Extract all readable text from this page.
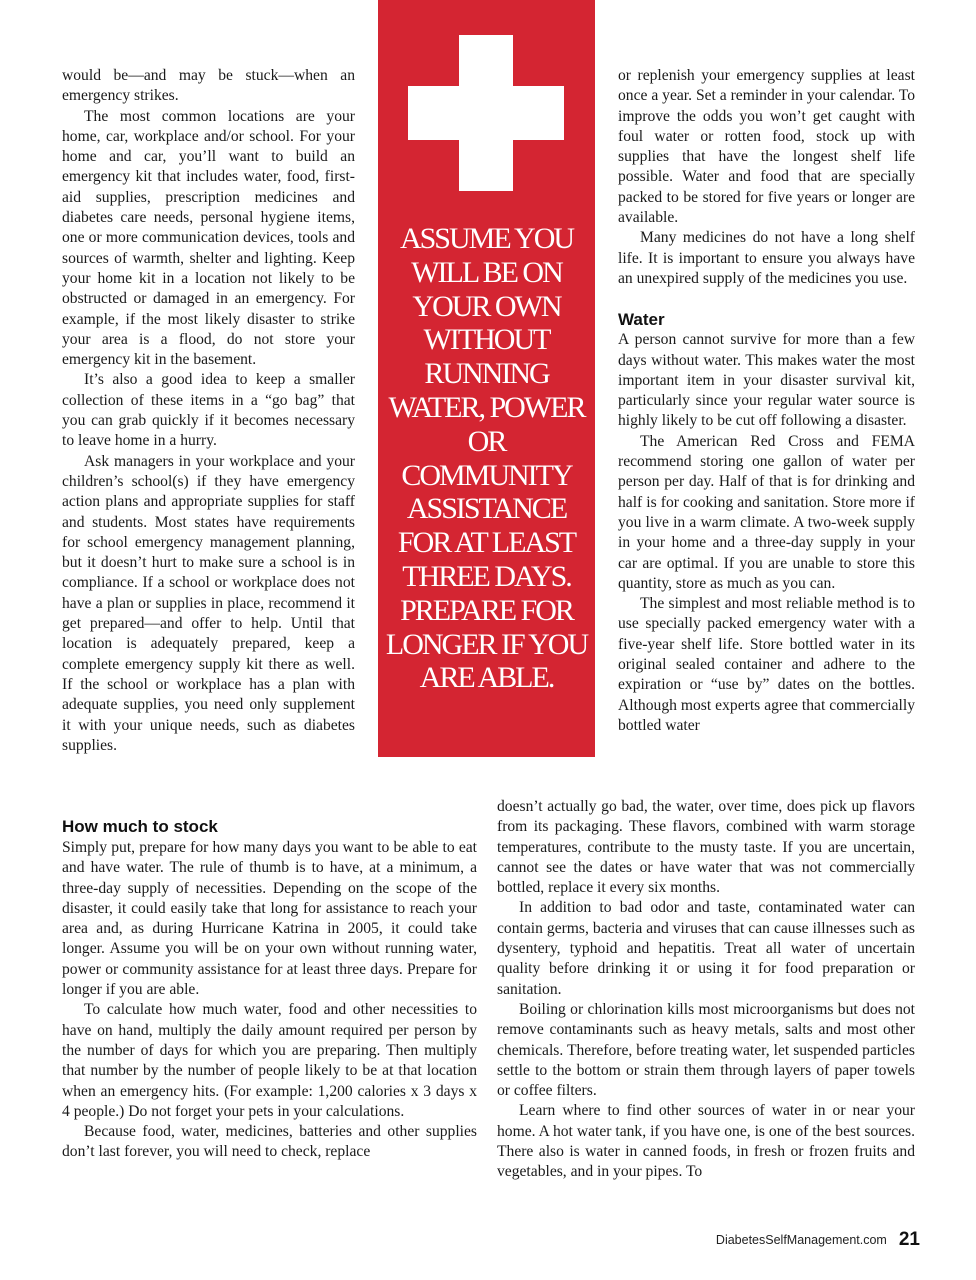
would be—and may be stuck—when an emergency strikes.

The most common locations are your home, car, workplace and/or school. For your home and car, you’ll want to build an emergency kit that includes water, food, first-aid supplies, prescription medicines and diabetes care needs, personal hygiene items, one or more communication devices, tools and sources of warmth, shelter and lighting. Keep your home kit in a location not likely to be obstructed or damaged in an emergency. For example, if the most likely disaster to strike your area is a flood, do not store your emergency kit in the basement.

It’s also a good idea to keep a smaller collection of these items in a “go bag” that you can grab quickly if it becomes necessary to leave home in a hurry.

Ask managers in your workplace and your children’s school(s) if they have emergency action plans and appropriate supplies for staff and students. Most states have requirements for school emergency management planning, but it doesn’t hurt to make sure a school is in compliance. If a school or workplace does not have a plan or supplies in place, recommend it get prepared—and offer to help. Until that location is adequately prepared, keep a complete emergency supply kit there as well. If the school or workplace has a plan with adequate supplies, you need only supplement it with your unique needs, such as diabetes supplies.

ASSUME YOU WILL BE ON YOUR OWN WITHOUT RUNNING WATER, POWER OR COMMUNITY ASSISTANCE FOR AT LEAST THREE DAYS. PREPARE FOR LONGER IF YOU ARE ABLE.

or replenish your emergency supplies at least once a year. Set a reminder in your calendar. To improve the odds you won’t get caught with foul water or rotten food, stock up with supplies that have the longest shelf life possible. Water and food that are specially packed to be stored for five years or longer are available.

Many medicines do not have a long shelf life. It is important to ensure you always have an unexpired supply of the medicines you use.

Water

A person cannot survive for more than a few days without water. This makes water the most important item in your disaster survival kit, particularly since your regular water source is highly likely to be cut off following a disaster.

The American Red Cross and FEMA recommend storing one gallon of water per person per day. Half of that is for drinking and half is for cooking and sanitation. Store more if you live in a warm climate. A two-week supply in your home and a three-day supply in your car are optimal. If you are unable to store this quantity, store as much as you can.

The simplest and most reliable method is to use specially packed emergency water with a five-year shelf life. Store bottled water in its original sealed container and adhere to the expiration or “use by” dates on the bottles. Although most experts agree that commercially bottled water

How much to stock

Simply put, prepare for how many days you want to be able to eat and have water. The rule of thumb is to have, at a minimum, a three-day supply of necessities. Depending on the scope of the disaster, it could easily take that long for assistance to reach your area and, as during Hurricane Katrina in 2005, it could take longer. Assume you will be on your own without running water, power or community assistance for at least three days. Prepare for longer if you are able.

To calculate how much water, food and other necessities to have on hand, multiply the daily amount required per person by the number of days for which you are preparing. Then multiply that number by the number of people likely to be at that location when an emergency hits. (For example: 1,200 calories x 3 days x 4 people.) Do not forget your pets in your calculations.

Because food, water, medicines, batteries and other supplies don’t last forever, you will need to check, replace

doesn’t actually go bad, the water, over time, does pick up flavors from its packaging. These flavors, combined with warm storage temperatures, contribute to the musty taste. If you are uncertain, cannot see the dates or have water that was not commercially bottled, replace it every six months.

In addition to bad odor and taste, contaminated water can contain germs, bacteria and viruses that can cause illnesses such as dysentery, typhoid and hepatitis. Treat all water of uncertain quality before drinking it or using it for food preparation or sanitation.

Boiling or chlorination kills most microorganisms but does not remove contaminants such as heavy metals, salts and most other chemicals. Therefore, before treating water, let suspended particles settle to the bottom or strain them through layers of paper towels or coffee filters.

Learn where to find other sources of water in or near your home. A hot water tank, if you have one, is one of the best sources. There also is water in canned foods, in fresh or frozen fruits and vegetables, and in your pipes. To

DiabetesSelfManagement.com 21
